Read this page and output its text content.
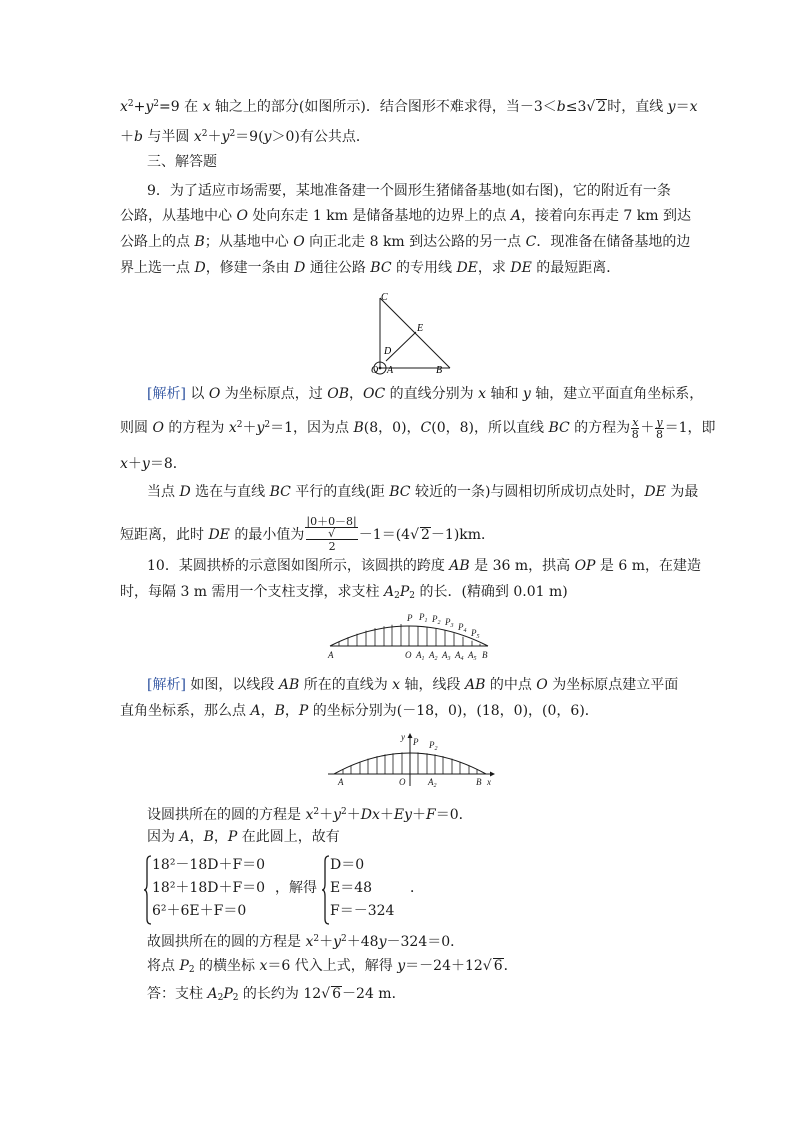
$x^2+y^2=9$ 在 x 轴之上的部分(如图所示)．结合图形不难求得，当－3＜b≤3√ 2时，直线 y＝x
＋b 与半圆 $x^2+y^2=9(y>0)$有公共点．
三、解答题
9．为了适应市场需要，某地准备建一个圆形生猪储备基地(如右图)，它的附近有一条
公路，从基地中心 O 处向东走 1 km 是储备基地的边界上的点 A，接着向东再走 7 km 到达
公路上的点 B；从基地中心 O 向正北走 8 km 到达公路的另一点 C．现准备在储备基地的边
界上选一点 D，修建一条由 D 通往公路 BC 的专用线 DE，求 DE 的最短距离．
C
E
D
O A	B
[解析] 以 O 为坐标原点，过 OB，OC 的直线分别为 x 轴和 y 轴，建立平面直角坐标系，
则圆 O 的方程为 $x^2+y^2=1$，因为点 B(8，0)，C(0，8)，所以直线 BC 的方程为 $\frac{x}{8} + \frac{y}{8} =1$，即
x＋y＝8．
当点 D 选在与直线 BC 平行的直线(距 BC 较近的一条)与圆相切所成切点处时，DE 为最
短距离，此时 DE 的最小值为 |0＋0－8|
√
2 －1＝(4√ 2－1)km．
10．某圆拱桥的示意图如图所示，该圆拱的跨度 AB 是 36 m，拱高 OP 是 6 m，在建造
时，每隔 3 m 需用一个支柱支撑，求支柱 $A_2P_2$ 的长．(精确到 0.01 m)
A	O $A_1$ $A_2$ $A_3$ $A_4$ $A_5$ B
P $P_1$ $P_2$ $P_3$ $P_4$ $P_5$
[解析] 如图，以线段 AB 所在的直线为 x 轴，线段 AB 的中点 O 为坐标原点建立平面
直角坐标系，那么点 A，B，P 的坐标分别为(－18，0)，(18，0)，(0，6)．
y P $P_2$
A	O	$A_2$	B x
设圆拱所在的圆的方程是 $x^2+y^2+Dx+Ey+F=0$．
因为 A，B，P 在此圆上，故有
18²－18D＋F＝0
18²＋18D＋F＝0
6²＋6E＋F＝0
，解得
D＝0
E＝48
F＝－324
．
故圆拱所在的圆的方程是 $x^2+y^2+48y-324=0$．
将点 $P_2$ 的横坐标 x＝6 代入上式，解得 y＝－24＋12√ 6．
答：支柱 $A_2P_2$ 的长约为 12√ 6－24 m．
